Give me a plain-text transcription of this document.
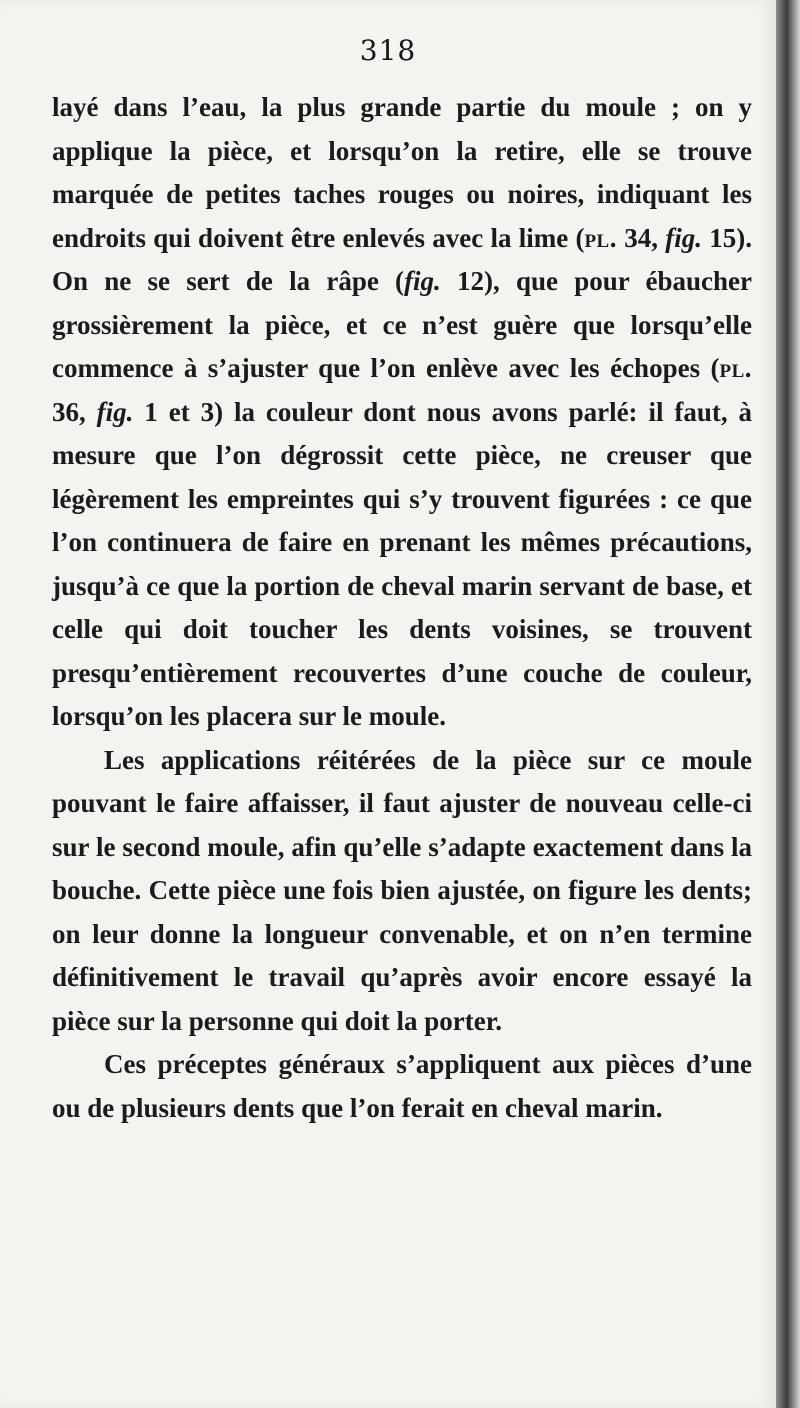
318

layé dans l’eau, la plus grande partie du moule ; on y applique la pièce, et lorsqu’on la retire, elle se trouve marquée de petites taches rouges ou noires, indiquant les endroits qui doivent être enlevés avec la lime (pl. 34, fig. 15). On ne se sert de la râpe (fig. 12), que pour ébaucher grossièrement la pièce, et ce n’est guère que lorsqu’elle commence à s’ajuster que l’on enlève avec les échopes (pl. 36, fig. 1 et 3) la couleur dont nous avons parlé: il faut, à mesure que l’on dégrossit cette pièce, ne creuser que légèrement les empreintes qui s’y trouvent figurées : ce que l’on continuera de faire en prenant les mêmes précautions, jusqu’à ce que la portion de cheval marin servant de base, et celle qui doit toucher les dents voisines, se trouvent presqu’entièrement recouvertes d’une couche de couleur, lorsqu’on les placera sur le moule.

Les applications réitérées de la pièce sur ce moule pouvant le faire affaisser, il faut ajuster de nouveau celle-ci sur le second moule, afin qu’elle s’adapte exactement dans la bouche. Cette pièce une fois bien ajustée, on figure les dents; on leur donne la longueur convenable, et on n’en termine définitivement le travail qu’après avoir encore essayé la pièce sur la personne qui doit la porter.

Ces préceptes généraux s’appliquent aux pièces d’une ou de plusieurs dents que l’on ferait en cheval marin.
